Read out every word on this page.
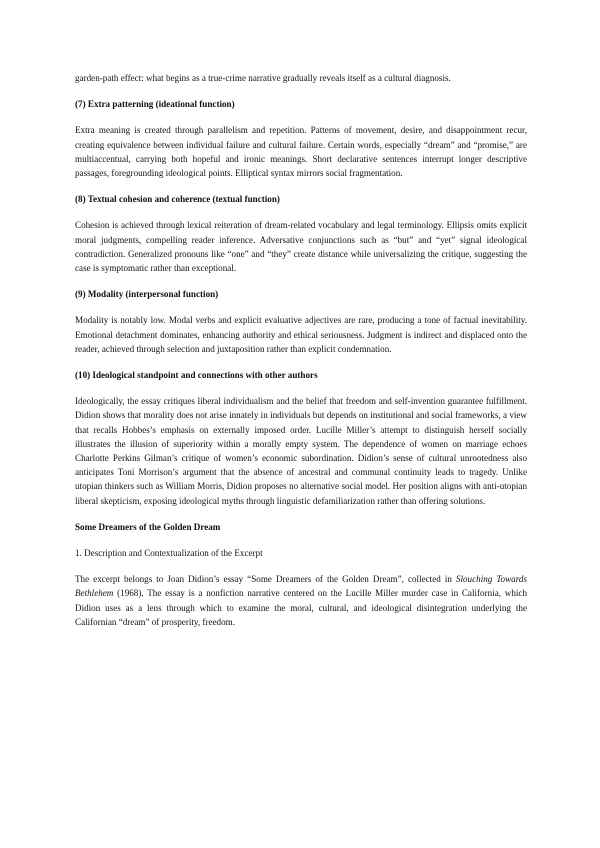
garden-path effect: what begins as a true-crime narrative gradually reveals itself as a cultural diagnosis.

(7) Extra patterning (ideational function)

Extra meaning is created through parallelism and repetition. Patterns of movement, desire, and disappointment recur, creating equivalence between individual failure and cultural failure. Certain words, especially “dream” and “promise,” are multiaccentual, carrying both hopeful and ironic meanings. Short declarative sentences interrupt longer descriptive passages, foregrounding ideological points. Elliptical syntax mirrors social fragmentation.

(8) Textual cohesion and coherence (textual function)

Cohesion is achieved through lexical reiteration of dream-related vocabulary and legal terminology. Ellipsis omits explicit moral judgments, compelling reader inference. Adversative conjunctions such as “but” and “yet” signal ideological contradiction. Generalized pronouns like “one” and “they” create distance while universalizing the critique, suggesting the case is symptomatic rather than exceptional.

(9) Modality (interpersonal function)

Modality is notably low. Modal verbs and explicit evaluative adjectives are rare, producing a tone of factual inevitability. Emotional detachment dominates, enhancing authority and ethical seriousness. Judgment is indirect and displaced onto the reader, achieved through selection and juxtaposition rather than explicit condemnation.

(10) Ideological standpoint and connections with other authors

Ideologically, the essay critiques liberal individualism and the belief that freedom and self-invention guarantee fulfillment. Didion shows that morality does not arise innately in individuals but depends on institutional and social frameworks, a view that recalls Hobbes’s emphasis on externally imposed order. Lucille Miller’s attempt to distinguish herself socially illustrates the illusion of superiority within a morally empty system. The dependence of women on marriage echoes Charlotte Perkins Gilman’s critique of women’s economic subordination. Didion’s sense of cultural unrootedness also anticipates Toni Morrison’s argument that the absence of ancestral and communal continuity leads to tragedy. Unlike utopian thinkers such as William Morris, Didion proposes no alternative social model. Her position aligns with anti-utopian liberal skepticism, exposing ideological myths through linguistic defamiliarization rather than offering solutions.

Some Dreamers of the Golden Dream

1. Description and Contextualization of the Excerpt

The excerpt belongs to Joan Didion’s essay “Some Dreamers of the Golden Dream”, collected in Slouching Towards Bethlehem (1968). The essay is a nonfiction narrative centered on the Lucille Miller murder case in California, which Didion uses as a lens through which to examine the moral, cultural, and ideological disintegration underlying the Californian “dream” of prosperity, freedom.
